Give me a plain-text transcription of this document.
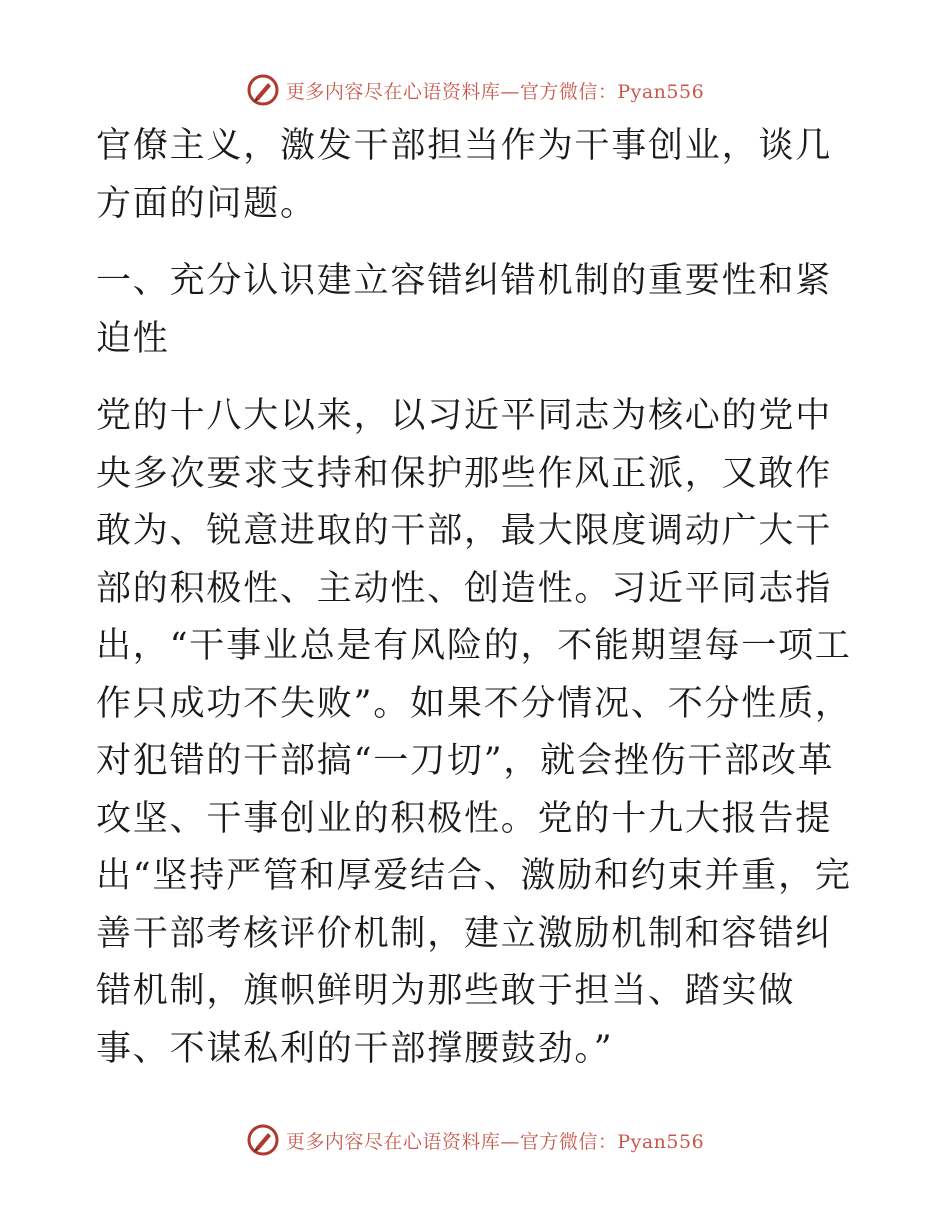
更多内容尽在心语资料库—官方微信：Pyan556

官僚主义，激发干部担当作为干事创业，谈几方面的问题。

一、充分认识建立容错纠错机制的重要性和紧迫性

党的十八大以来，以习近平同志为核心的党中央多次要求支持和保护那些作风正派，又敢作敢为、锐意进取的干部，最大限度调动广大干部的积极性、主动性、创造性。习近平同志指出，“干事业总是有风险的，不能期望每一项工作只成功不失败”。如果不分情况、不分性质，对犯错的干部搞“一刀切”，就会挫伤干部改革攻坚、干事创业的积极性。党的十九大报告提出“坚持严管和厚爱结合、激励和约束并重，完善干部考核评价机制，建立激励机制和容错纠错机制，旗帜鲜明为那些敢于担当、踏实做事、不谋私利的干部撑腰鼓劲。”

更多内容尽在心语资料库—官方微信：Pyan556
